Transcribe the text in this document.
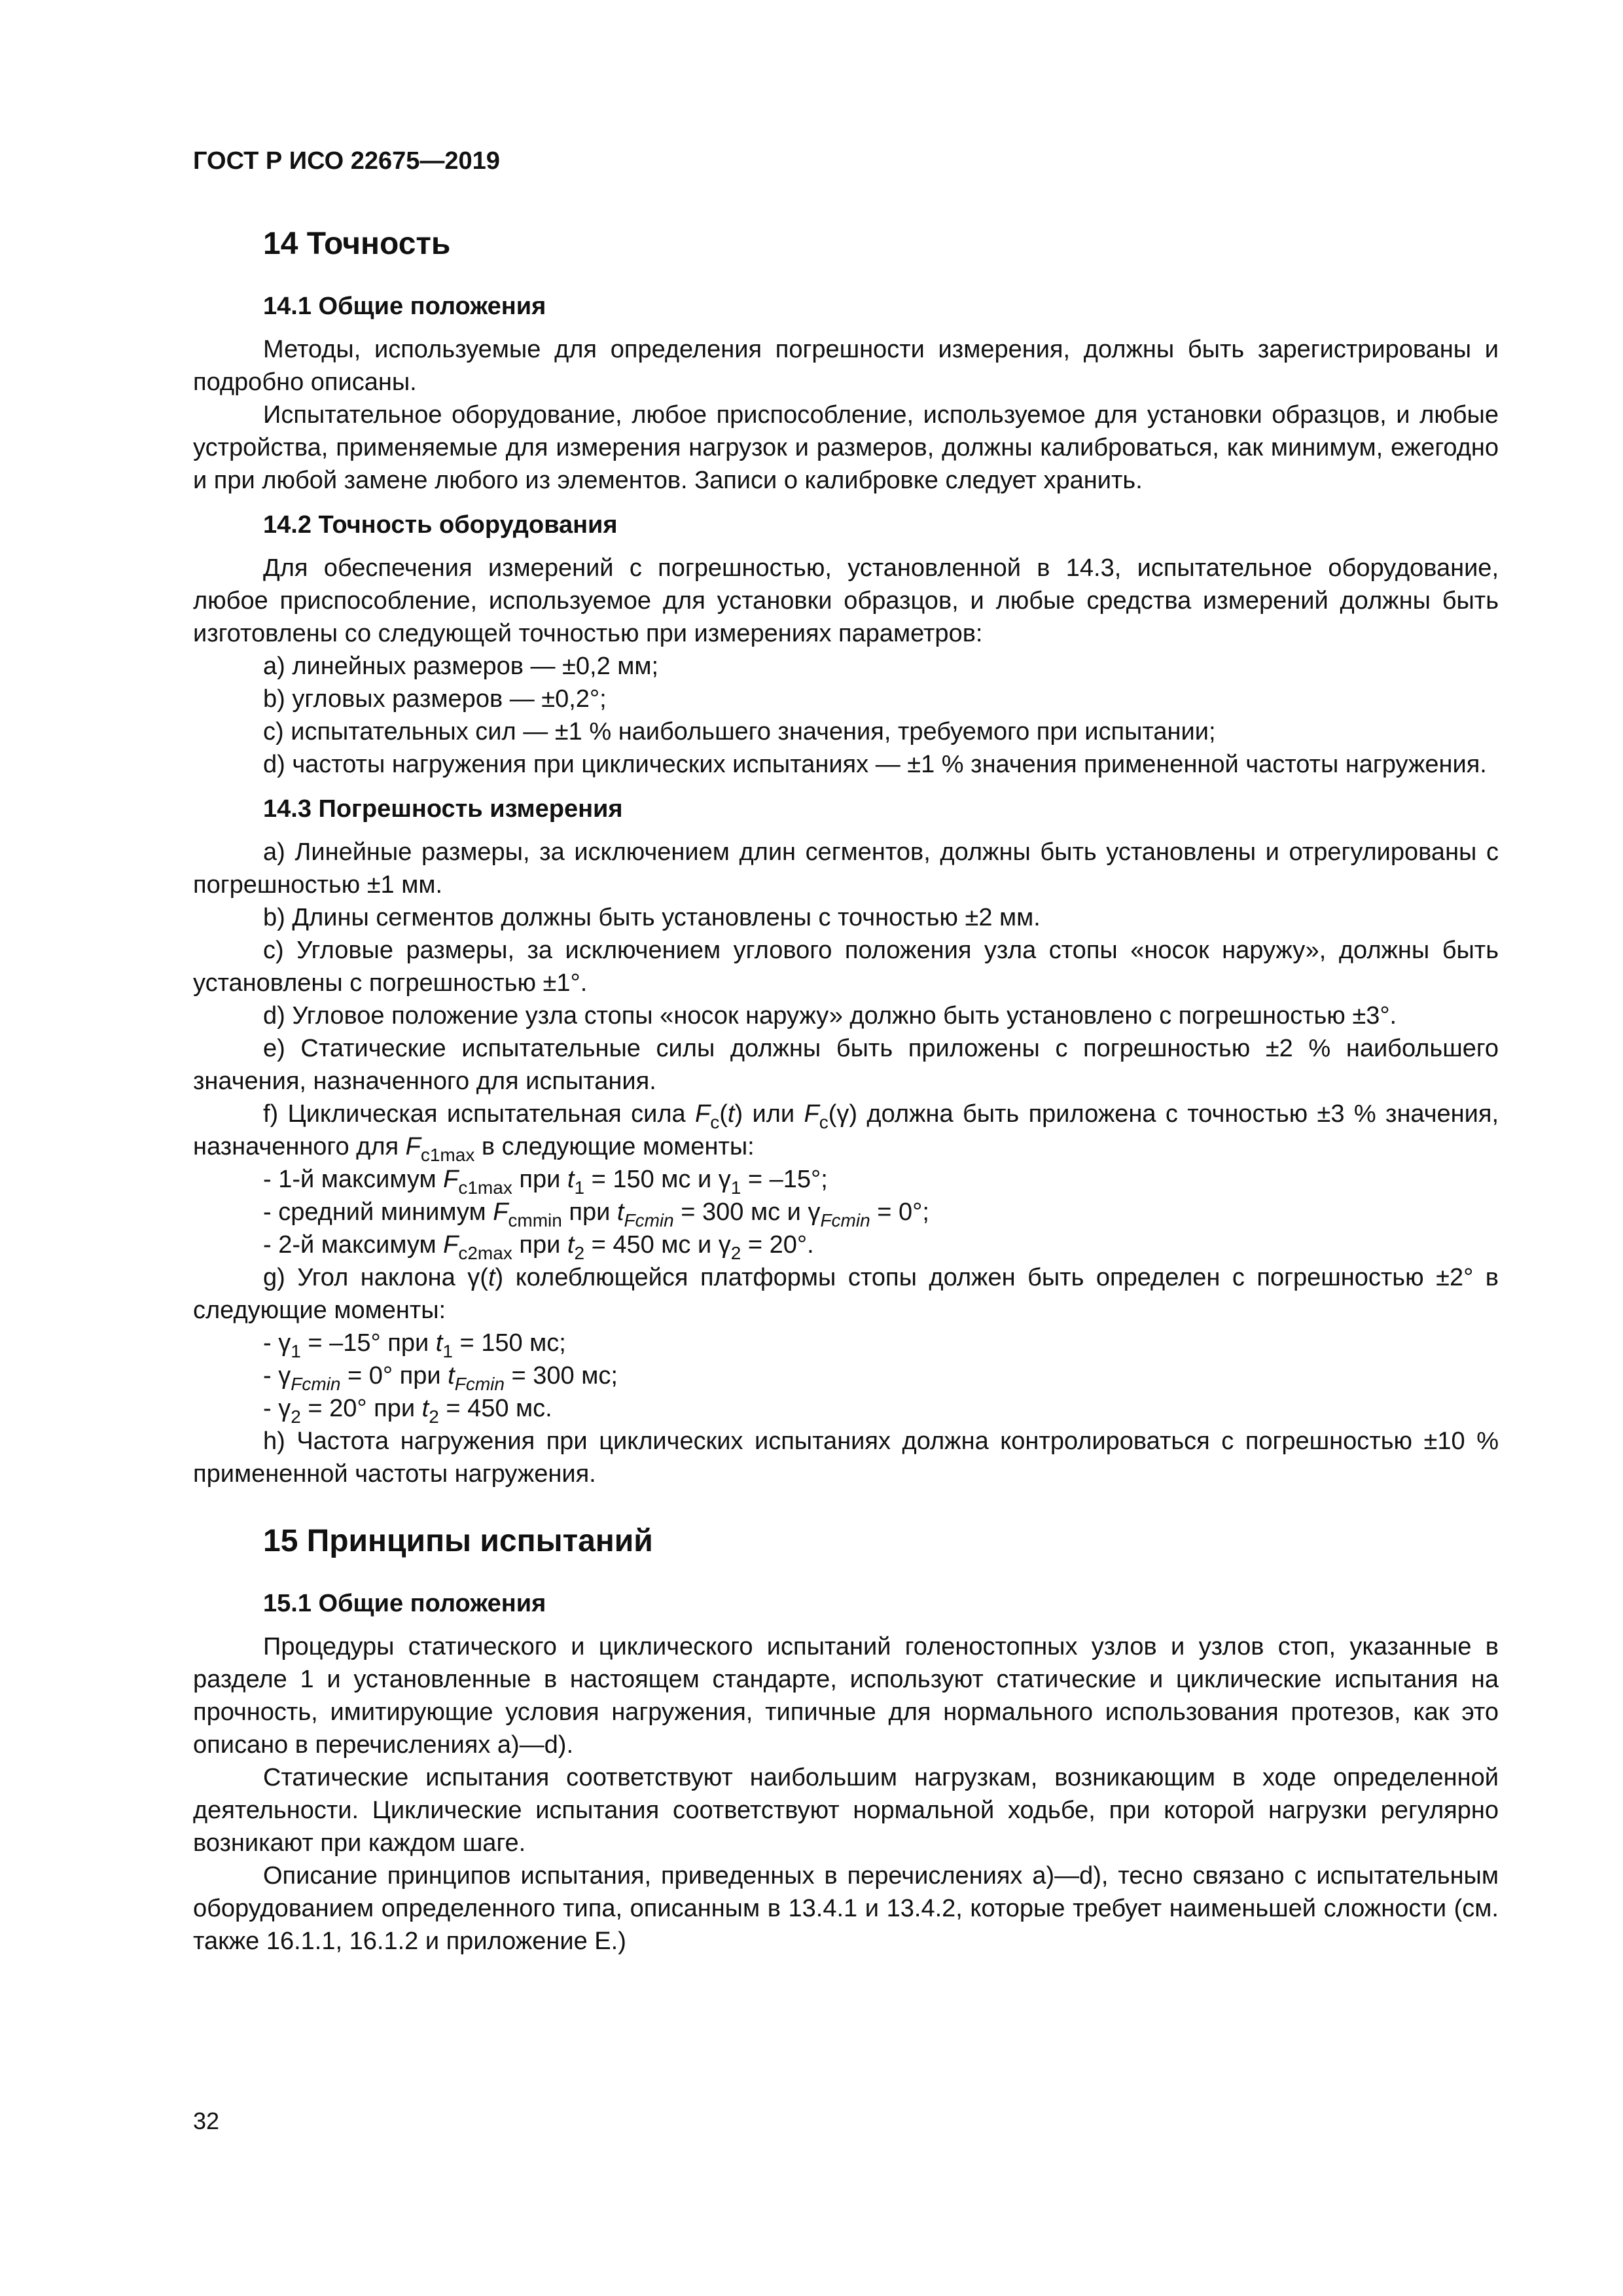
ГОСТ Р ИСО 22675—2019
14 Точность
14.1 Общие положения

Методы, используемые для определения погрешности измерения, должны быть зарегистрированы и подробно описаны.

Испытательное оборудование, любое приспособление, используемое для установки образцов, и любые устройства, применяемые для измерения нагрузок и размеров, должны калиброваться, как минимум, ежегодно и при любой замене любого из элементов. Записи о калибровке следует хранить.

14.2 Точность оборудования

Для обеспечения измерений с погрешностью, установленной в 14.3, испытательное оборудование, любое приспособление, используемое для установки образцов, и любые средства измерений должны быть изготовлены со следующей точностью при измерениях параметров:

a) линейных размеров — ±0,2 мм;

b) угловых размеров — ±0,2°;

c) испытательных сил — ±1 % наибольшего значения, требуемого при испытании;

d) частоты нагружения при циклических испытаниях — ±1 % значения примененной частоты нагружения.

14.3 Погрешность измерения

a) Линейные размеры, за исключением длин сегментов, должны быть установлены и отрегулированы с погрешностью ±1 мм.

b) Длины сегментов должны быть установлены с точностью ±2 мм.

c) Угловые размеры, за исключением углового положения узла стопы «носок наружу», должны быть установлены с погрешностью ±1°.

d) Угловое положение узла стопы «носок наружу» должно быть установлено с погрешностью ±3°.

e) Статические испытательные силы должны быть приложены с погрешностью ±2 % наибольшего значения, назначенного для испытания.

f) Циклическая испытательная сила $F_c(t)$ или $F_c(\gamma)$ должна быть приложена с точностью ±3 % значения, назначенного для $F_{c1max}$ в следующие моменты:

- 1-й максимум $F_{c1max}$ при $t_1 = 150$ мс и $\gamma_1 = -15^\circ$;

- средний минимум $F_{cmmin}$ при $t_{Fcmin} = 300$ мс и $\gamma_{Fcmin} = 0^\circ$;

- 2-й максимум $F_{c2max}$ при $t_2 = 450$ мс и $\gamma_2 = 20^\circ$.

g) Угол наклона γ(t) колеблющейся платформы стопы должен быть определен с погрешностью ±2° в следующие моменты:

- $\gamma_1 = -15^\circ$ при $t_1 = 150$ мс;

- $\gamma_{Fcmin} = 0^\circ$ при $t_{Fcmin} = 300$ мс;

- $\gamma_2 = 20^\circ$ при $t_2 = 450$ мс.

h) Частота нагружения при циклических испытаниях должна контролироваться с погрешностью ±10 % примененной частоты нагружения.

15 Принципы испытаний
15.1 Общие положения

Процедуры статического и циклического испытаний голеностопных узлов и узлов стоп, указанные в разделе 1 и установленные в настоящем стандарте, используют статические и циклические испытания на прочность, имитирующие условия нагружения, типичные для нормального использования протезов, как это описано в перечислениях a)—d).

Статические испытания соответствуют наибольшим нагрузкам, возникающим в ходе определенной деятельности. Циклические испытания соответствуют нормальной ходьбе, при которой нагрузки регулярно возникают при каждом шаге.

Описание принципов испытания, приведенных в перечислениях a)—d), тесно связано с испытательным оборудованием определенного типа, описанным в 13.4.1 и 13.4.2, которые требует наименьшей сложности (см. также 16.1.1, 16.1.2 и приложение E.)

32
